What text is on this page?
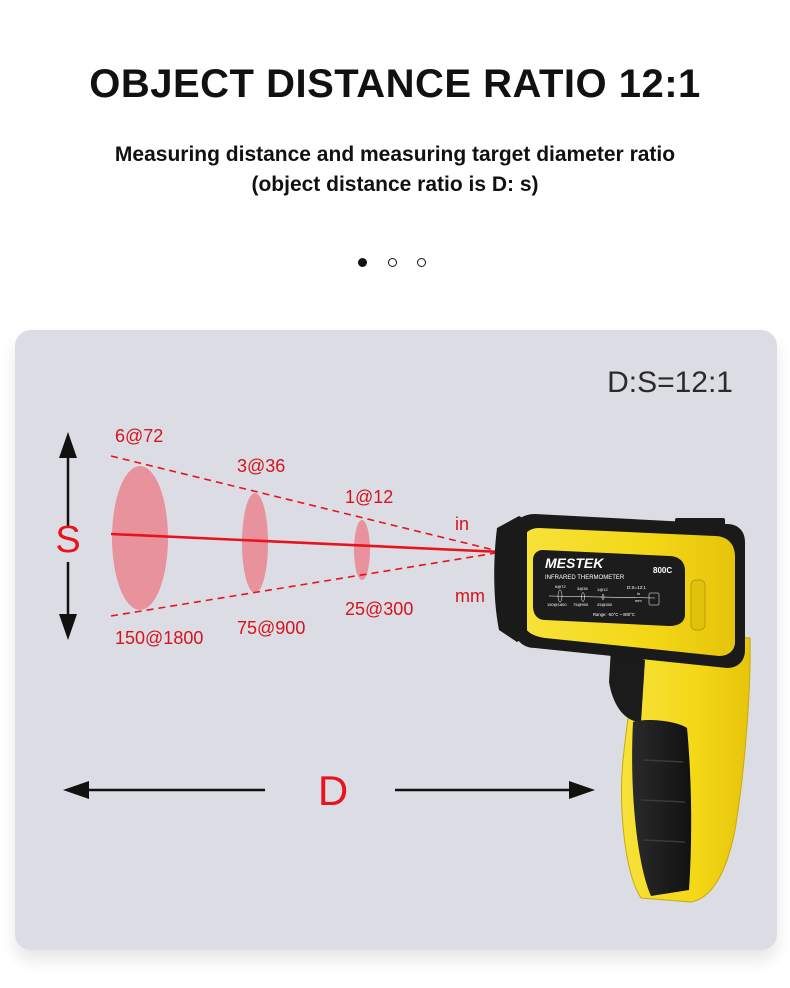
OBJECT DISTANCE RATIO 12:1
Measuring distance and measuring target diameter ratio
(object distance ratio is D: s)
S
6@72
3@36
1@12
in
150@1800 75@900
25@300
mm
D
MESTEK	800C
INFRARED THERMOMETER
D:S=12:1
6@72	3@36 1@12
in
150@1800 75@900 25@300
mm
Range: -50°C ~ 800°C
D:S=12:1
